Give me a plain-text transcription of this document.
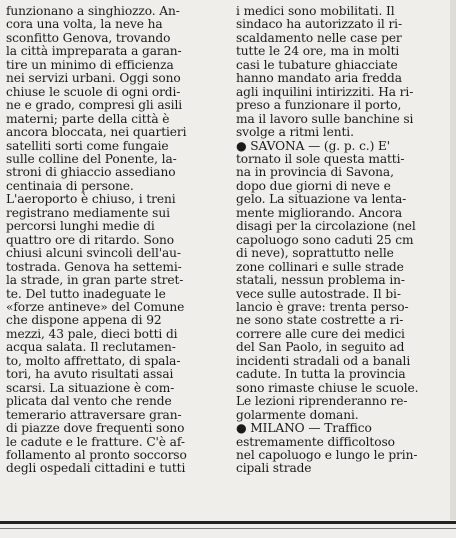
funzionano a singhiozzo. An-
cora una volta, la neve ha
sconfitto Genova, trovando
la città impreparata a garan-
tire un minimo di efficienza
nei servizi urbani. Oggi sono
chiuse le scuole di ogni ordi-
ne e grado, compresi gli asili
materni; parte della città è
ancora bloccata, nei quartieri
satelliti sorti come fungaie
sulle colline del Ponente, la-
stroni di ghiaccio assediano
centinaia di persone.
L'aeroporto è chiuso, i treni
registrano mediamente sui
percorsi lunghi medie di
quattro ore di ritardo. Sono
chiusi alcuni svincoli dell'au-
tostrada. Genova ha settemi-
la strade, in gran parte stret-
te. Del tutto inadeguate le
«forze antineve» del Comune
che dispone appena di 92
mezzi, 43 pale, dieci botti di
acqua salata. Il reclutamen-
to, molto affrettato, di spala-
tori, ha avuto risultati assai
scarsi. La situazione è com-
plicata dal vento che rende
temerario attraversare gran-
di piazze dove frequenti sono
le cadute e le fratture. C'è af-
follamento al pronto soccorso
degli ospedali cittadini e tutti
i medici sono mobilitati. Il
sindaco ha autorizzato il ri-
scaldamento nelle case per
tutte le 24 ore, ma in molti
casi le tubature ghiacciate
hanno mandato aria fredda
agli inquilini intirizziti. Ha ri-
preso a funzionare il porto,
ma il lavoro sulle banchine si
svolge a ritmi lenti.
● SAVONA — (g. p. c.) E'
tornato il sole questa matti-
na in provincia di Savona,
dopo due giorni di neve e
gelo. La situazione va lenta-
mente migliorando. Ancora
disagi per la circolazione (nel
capoluogo sono caduti 25 cm
di neve), soprattutto nelle
zone collinari e sulle strade
statali, nessun problema in-
vece sulle autostrade. Il bi-
lancio è grave: trenta perso-
ne sono state costrette a ri-
correre alle cure dei medici
del San Paolo, in seguito ad
incidenti stradali od a banali
cadute. In tutta la provincia
sono rimaste chiuse le scuole.
Le lezioni riprenderanno re-
golarmente domani.
● MILANO — Traffico
estremamente difficoltoso
nel capoluogo e lungo le prin-
cipali strade
